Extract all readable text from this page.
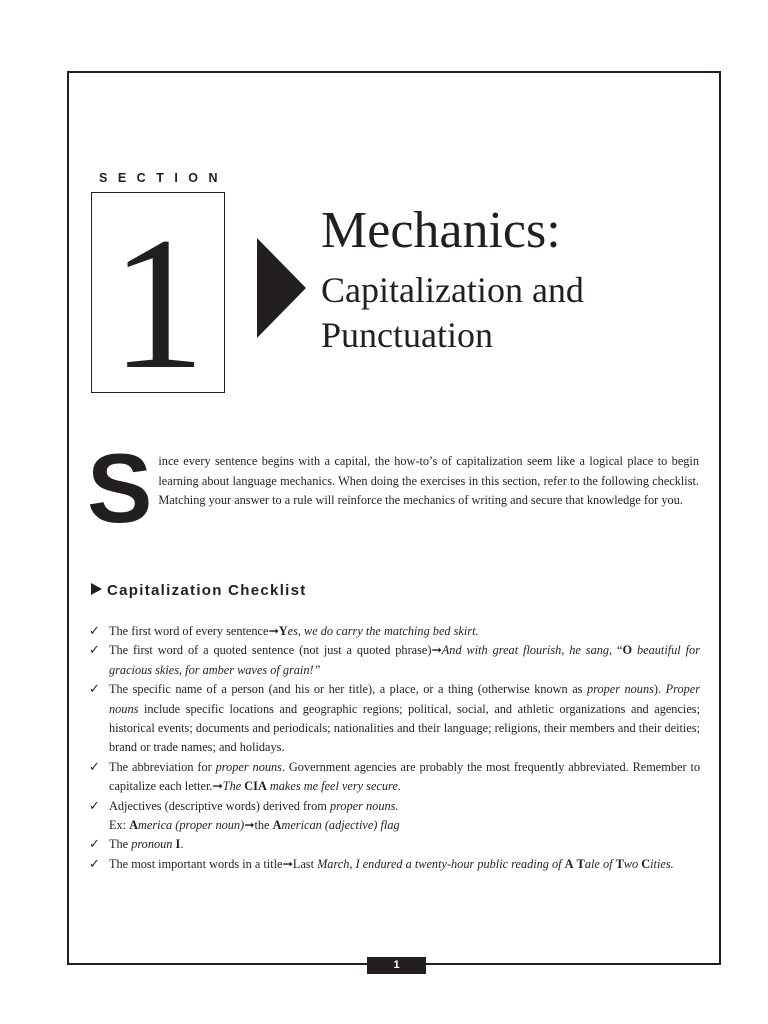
SECTION
1	Mechanics:
Capitalization and
Punctuation
Since every sentence begins with a capital, the how-to’s of capitalization seem like a logical place to begin learning about language mechanics. When doing the exercises in this section, refer to the following checklist. Matching your answer to a rule will reinforce the mechanics of writing and secure that knowledge for you.
Capitalization Checklist
✓ The first word of every sentence➞Yes, we do carry the matching bed skirt.
✓ The first word of a quoted sentence (not just a quoted phrase)➞And with great flourish, he sang, “O beautiful for gracious skies, for amber waves of grain!”
✓ The specific name of a person (and his or her title), a place, or a thing (otherwise known as proper nouns). Proper nouns include specific locations and geographic regions; political, social, and athletic organizations and agencies; historical events; documents and periodicals; nationalities and their language; religions, their members and their deities; brand or trade names; and holidays.
✓ The abbreviation for proper nouns. Government agencies are probably the most frequently abbreviated. Remember to capitalize each letter.➞The CIA makes me feel very secure.
✓ Adjectives (descriptive words) derived from proper nouns.
Ex: America (proper noun)➞the American (adjective) flag
✓ The pronoun I.
✓ The most important words in a title➞Last March, I endured a twenty-hour public reading of A Tale of Two Cities.
1
